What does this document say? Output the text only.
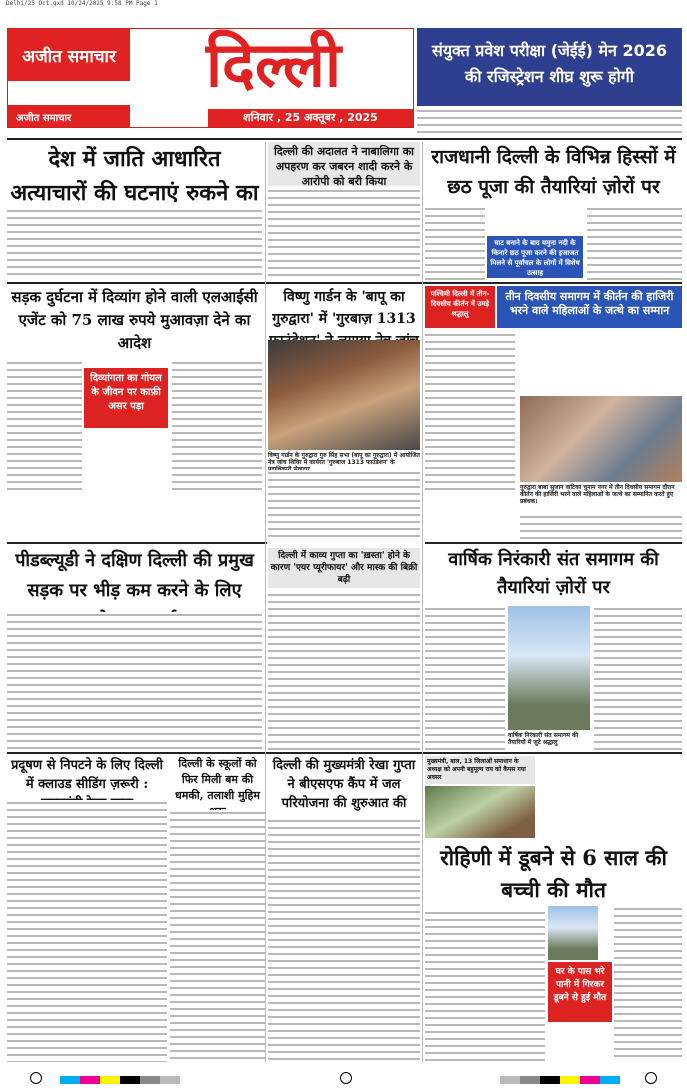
Delhi/25 Oct.qxd 10/24/2025 9:58 PM Page 1
अजीत समाचार
अजीत समाचार
दिल्ली
शनिवार , 25 अक्तूबर , 2025
संयुक्त प्रवेश परीक्षा (जेईई) मेन 2026 की रजिस्ट्रेशन शीघ्र शुरू होगी
देश में जाति आधारित अत्याचारों की घटनाएं रुकने का नाम नहीं ले रही
दिल्ली की अदालत ने नाबालिगा का अपहरण कर जबरन शादी करने के आरोपी को बरी किया
राजधानी दिल्ली के विभिन्न हिस्सों में छठ पूजा की तैयारियां ज़ोरों पर
घाट बनाने के बाद यमुना नदी के किनारे छठ पूजा करने की इजाजत मिलने से पूर्वांचल के लोगों में विशेष उत्साह
सड़क दुर्घटना में दिव्यांग होने वाली एलआईसी एजेंट को 75 लाख रुपये मुआवज़ा देने का आदेश
दिव्यांगता का गोयल के जीवन पर काफ़ी असर पड़ा
विष्णु गार्डन के 'बापू का गुरुद्वारा' में 'गुरबाज़ 1313
विष्णु गार्डन के गुरुद्वारा गुरु सिंह सभा (बापू का गुरुद्वारा) में आयोजित नेत्र जांच शिविर में कार्यरत 'गुरुबाज 1313 फाउंडेशन' के पदाधिकारी सेवादार
पश्चिमी दिल्ली में तीन-दिवसीय कीर्तन में उमड़े श्रद्धालु
तीन दिवसीय समागम में कीर्तन की हाजिरी भरने वाले महिलाओं के जत्थे का सम्मान
गुरुद्वारा बाबा सुजान वाटिका चुनाम नगर में तीन दिवसीय समागम दौरान कीर्तन की हाजिरी भरने वाले महिलाओं के जत्थे का सम्मानित करते हुए प्रबंधक।
पीडब्ल्यूडी ने दक्षिण दिल्ली की प्रमुख सड़क पर भीड़ कम करने के लिए योजना बनाई
दिल्ली में काव्य गुप्ता का 'ख़स्ता' होने के कारण 'एयर प्यूरीफायर' और मास्क की बिक्री बढ़ी
वार्षिक निरंकारी संत समागम की तैयारियां ज़ोरों पर
वार्षिक निरंकारी संत समागम की तैयारियों में जुटे श्रद्धालु
प्रदूषण से निपटने के लिए दिल्ली में क्लाउड सीडिंग ज़रूरी : मुख्यमंत्री रेखा गुप्ता
दिल्ली के स्कूलों को फिर मिली बम की धमकी, तलाशी मुहिम शुरू
दिल्ली की मुख्यमंत्री रेखा गुप्ता ने बीएसएफ कैंप में जल परियोजना की शुरुआत की
मुख्यमंत्री, बाल, 13 जिलाओं समाधान के अध्यक्ष को अपनी बहुमूल्य राय को कैंपस गया अवसर
रोहिणी में डूबने से 6 साल की बच्ची की मौत
घर के पास भरे पानी में गिरकर डूबने से हुई मौत
